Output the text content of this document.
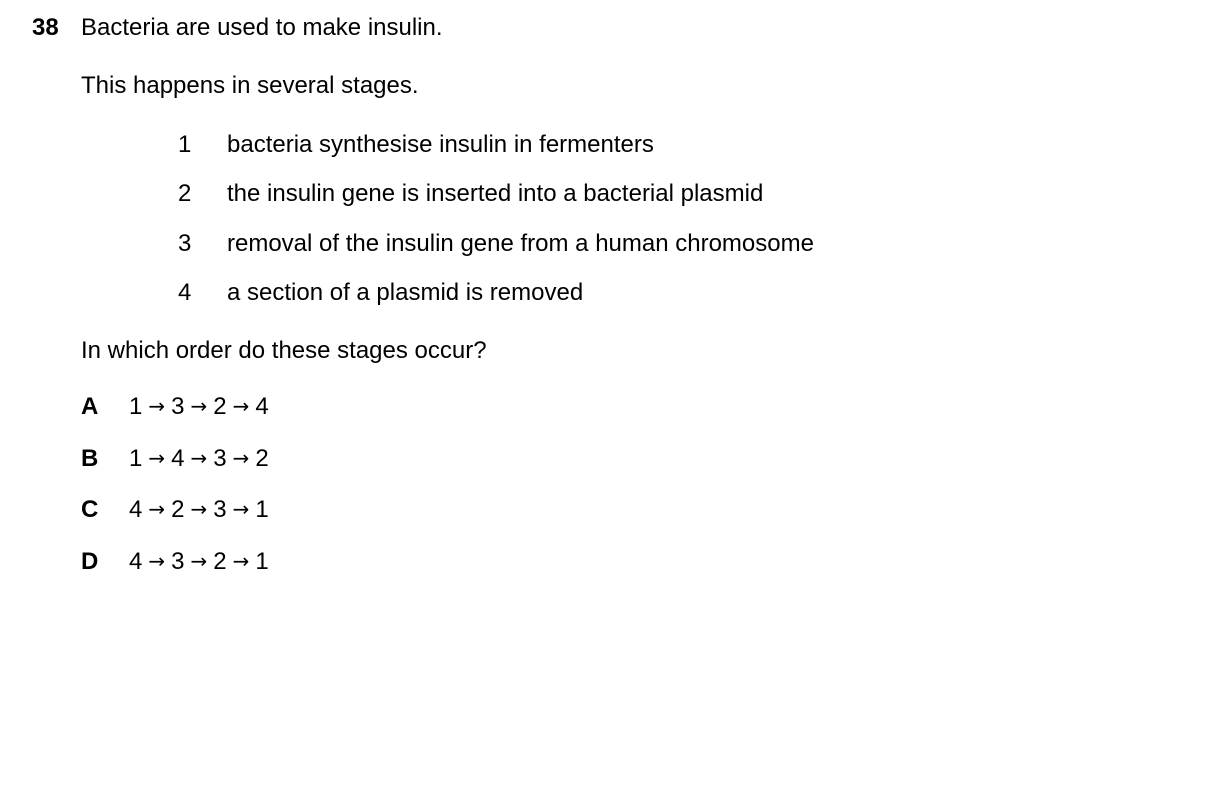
38 Bacteria are used to make insulin.
This happens in several stages.
1 bacteria synthesise insulin in fermenters
2 the insulin gene is inserted into a bacterial plasmid
3 removal of the insulin gene from a human chromosome
4 a section of a plasmid is removed
In which order do these stages occur?
A 1 → 3 → 2 → 4
B 1 → 4 → 3 → 2
C 4 → 2 → 3 → 1
D 4 → 3 → 2 → 1
